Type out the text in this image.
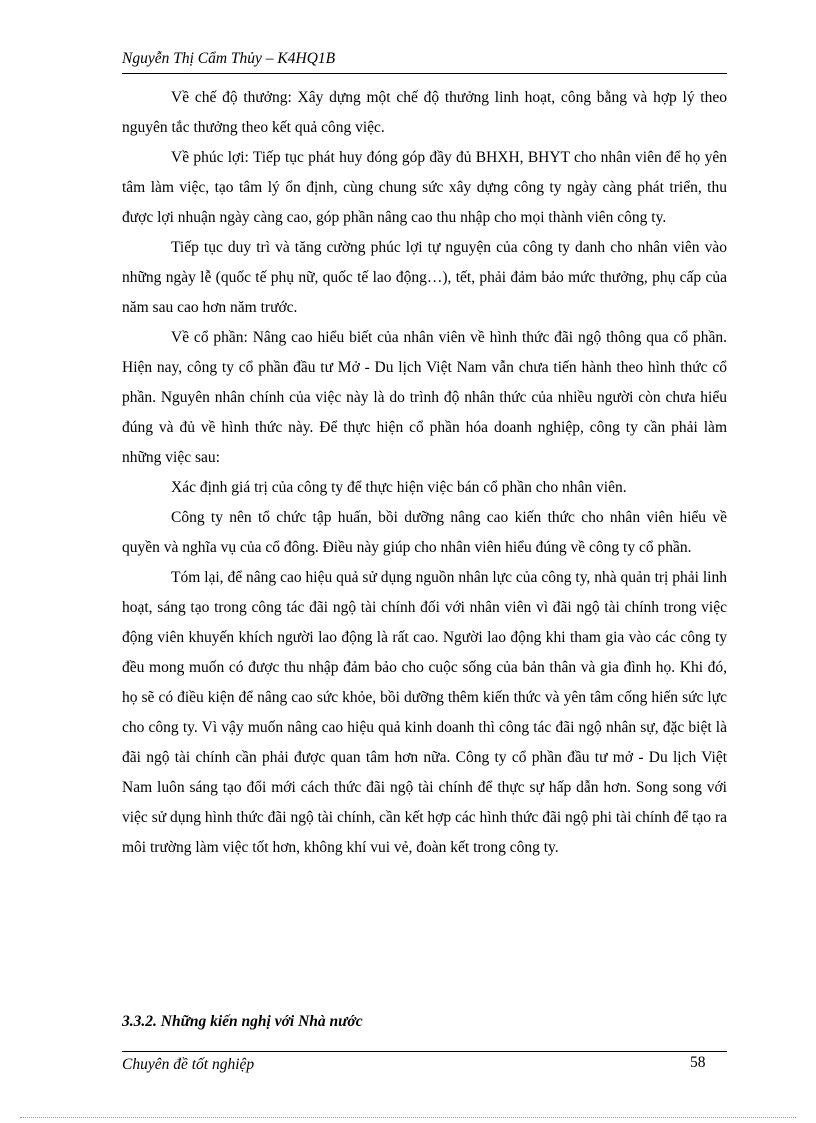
Nguyễn Thị Cẩm Thủy – K4HQ1B

Về chế độ thưởng: Xây dựng một chế độ thưởng linh hoạt, công bằng và hợp lý theo nguyên tắc thưởng theo kết quả công việc.

Về phúc lợi: Tiếp tục phát huy đóng góp đầy đủ BHXH, BHYT cho nhân viên để họ yên tâm làm việc, tạo tâm lý ổn định, cùng chung sức xây dựng công ty ngày càng phát triển, thu được lợi nhuận ngày càng cao, góp phần nâng cao thu nhập cho mọi thành viên công ty.

Tiếp tục duy trì và tăng cường phúc lợi tự nguyện của công ty danh cho nhân viên vào những ngày lễ (quốc tế phụ nữ, quốc tế lao động…), tết, phải đảm bảo mức thưởng, phụ cấp của năm sau cao hơn năm trước.

Về cổ phần: Nâng cao hiểu biết của nhân viên về hình thức đãi ngộ thông qua cổ phần. Hiện nay, công ty cổ phần đầu tư Mở - Du lịch Việt Nam vẫn chưa tiến hành theo hình thức cổ phần. Nguyên nhân chính của việc này là do trình độ nhân thức của nhiều người còn chưa hiểu đúng và đủ về hình thức này. Để thực hiện cổ phần hóa doanh nghiệp, công ty cần phải làm những việc sau:

Xác định giá trị của công ty để thực hiện việc bán cổ phần cho nhân viên.

Công ty nên tổ chức tập huấn, bồi dưỡng nâng cao kiến thức cho nhân viên hiểu về quyền và nghĩa vụ của cổ đông. Điều này giúp cho nhân viên hiểu đúng về công ty cổ phần.

Tóm lại, để nâng cao hiệu quả sử dụng nguồn nhân lực của công ty, nhà quản trị phải linh hoạt, sáng tạo trong công tác đãi ngộ tài chính đối với nhân viên vì đãi ngộ tài chính trong việc động viên khuyến khích người lao động là rất cao. Người lao động khi tham gia vào các công ty đều mong muốn có được thu nhập đảm bảo cho cuộc sống của bản thân và gia đình họ. Khi đó, họ sẽ có điều kiện để nâng cao sức khỏe, bồi dưỡng thêm kiến thức và yên tâm cống hiến sức lực cho công ty. Vì vậy muốn nâng cao hiệu quả kinh doanh thì công tác đãi ngộ nhân sự, đặc biệt là đãi ngộ tài chính cần phải được quan tâm hơn nữa. Công ty cổ phần đầu tư mở - Du lịch Việt Nam luôn sáng tạo đổi mới cách thức đãi ngộ tài chính để thực sự hấp dẫn hơn. Song song với việc sử dụng hình thức đãi ngộ tài chính, cần kết hợp các hình thức đãi ngộ phi tài chính để tạo ra môi trường làm việc tốt hơn, không khí vui vẻ, đoàn kết trong công ty.

3.3.2. Những kiến nghị với Nhà nước
Chuyên đề tốt nghiệp	58
